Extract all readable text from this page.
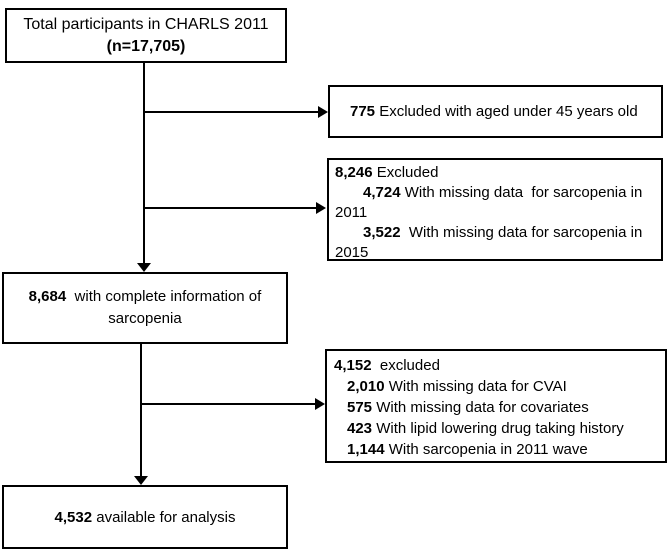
Total participants in CHARLS 2011
(n=17,705)
775 Excluded with aged under 45 years old
8,246 Excluded
4,724 With missing data  for sarcopenia in
2011
3,522  With missing data for sarcopenia in
2015
8,684  with complete information of
sarcopenia
4,152  excluded
2,010 With missing data for CVAI
575 With missing data for covariates
423 With lipid lowering drug taking history
1,144 With sarcopenia in 2011 wave
4,532 available for analysis
